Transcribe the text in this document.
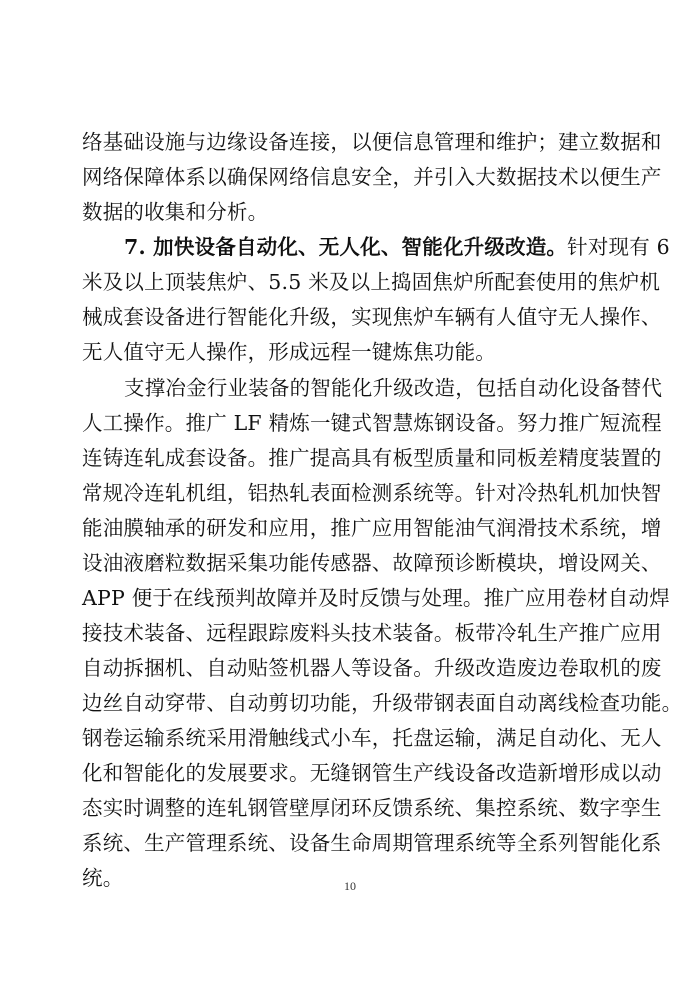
络基础设施与边缘设备连接，以便信息管理和维护；建立数据和
网络保障体系以确保网络信息安全，并引入大数据技术以便生产
数据的收集和分析。
7. 加快设备自动化、无人化、智能化升级改造。针对现有 6
米及以上顶装焦炉、5.5 米及以上捣固焦炉所配套使用的焦炉机
械成套设备进行智能化升级，实现焦炉车辆有人值守无人操作、
无人值守无人操作，形成远程一键炼焦功能。
支撑冶金行业装备的智能化升级改造，包括自动化设备替代
人工操作。推广 LF 精炼一键式智慧炼钢设备。努力推广短流程
连铸连轧成套设备。推广提高具有板型质量和同板差精度装置的
常规冷连轧机组，铝热轧表面检测系统等。针对冷热轧机加快智
能油膜轴承的研发和应用，推广应用智能油气润滑技术系统，增
设油液磨粒数据采集功能传感器、故障预诊断模块，增设网关、
APP 便于在线预判故障并及时反馈与处理。推广应用卷材自动焊
接技术装备、远程跟踪废料头技术装备。板带冷轧生产推广应用
自动拆捆机、自动贴签机器人等设备。升级改造废边卷取机的废
边丝自动穿带、自动剪切功能，升级带钢表面自动离线检查功能。
钢卷运输系统采用滑触线式小车，托盘运输，满足自动化、无人
化和智能化的发展要求。无缝钢管生产线设备改造新增形成以动
态实时调整的连轧钢管壁厚闭环反馈系统、集控系统、数字孪生
系统、生产管理系统、设备生命周期管理系统等全系列智能化系
统。	10
